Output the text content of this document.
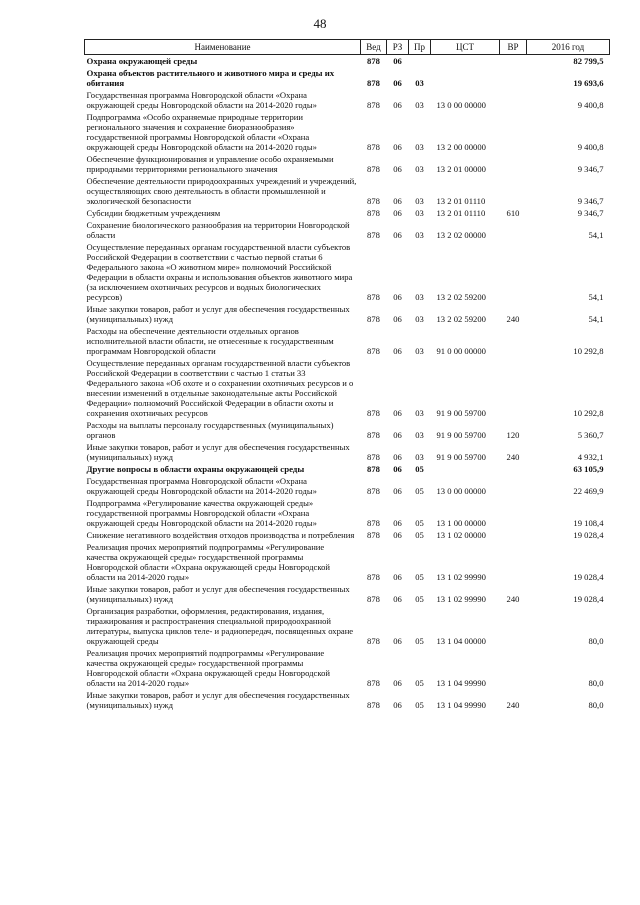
48
Наименование	Вед	РЗ	Пр	ЦСТ	ВР	2016 год
Охрана окружающей среды	878	06				82 799,5
Охрана объектов растительного и животного мира и среды их обитания	878	06	03			19 693,6
Государственная программа Новгородской области «Охрана окружающей среды Новгородской области на 2014-2020 годы»	878	06	03	13 0 00 00000		9 400,8
Подпрограмма «Особо охраняемые природные территории регионального значения и сохранение биоразнообразия» государственной программы Новгородской области «Охрана окружающей среды Новгородской области на 2014-2020 годы»	878	06	03	13 2 00 00000		9 400,8
Обеспечение функционирования и управление особо охраняемыми природными территориями регионального значения	878	06	03	13 2 01 00000		9 346,7
Обеспечение деятельности природоохранных учреждений и учреждений, осуществляющих свою деятельность в области промышленной и экологической безопасности	878	06	03	13 2 01 01110		9 346,7
Субсидии бюджетным учреждениям	878	06	03	13 2 01 01110	610	9 346,7
Сохранение биологического разнообразия на территории Новгородской области	878	06	03	13 2 02 00000		54,1
Осуществление переданных органам государственной власти субъектов Российской Федерации в соответствии с частью первой статьи 6 Федерального закона «О животном мире» полномочий Российской Федерации в области охраны и использования объектов животного мира (за исключением охотничьих ресурсов и водных биологических ресурсов)	878	06	03	13 2 02 59200		54,1
Иные закупки товаров, работ и услуг для обеспечения государственных (муниципальных) нужд	878	06	03	13 2 02 59200	240	54,1
Расходы на обеспечение деятельности отдельных органов исполнительной власти области, не отнесенные к государственным программам Новгородской области	878	06	03	91 0 00 00000		10 292,8
Осуществление переданных органам государственной власти субъектов Российской Федерации в соответствии с частью 1 статьи 33 Федерального закона «Об охоте и о сохранении охотничьих ресурсов и о внесении изменений в отдельные законодательные акты Российской Федерации» полномочий Российской Федерации в области охоты и сохранения охотничьих ресурсов	878	06	03	91 9 00 59700		10 292,8
Расходы на выплаты персоналу государственных (муниципальных) органов	878	06	03	91 9 00 59700	120	5 360,7
Иные закупки товаров, работ и услуг для обеспечения государственных (муниципальных) нужд	878	06	03	91 9 00 59700	240	4 932,1
Другие вопросы в области охраны окружающей среды	878	06	05			63 105,9
Государственная программа Новгородской области «Охрана окружающей среды Новгородской области на 2014-2020 годы»	878	06	05	13 0 00 00000		22 469,9
Подпрограмма «Регулирование качества окружающей среды» государственной программы Новгородской области «Охрана окружающей среды Новгородской области на 2014-2020 годы»	878	06	05	13 1 00 00000		19 108,4
Снижение негативного воздействия отходов производства и потребления	878	06	05	13 1 02 00000		19 028,4
Реализация прочих мероприятий подпрограммы «Регулирование качества окружающей среды» государственной программы Новгородской области «Охрана окружающей среды Новгородской области на 2014-2020 годы»	878	06	05	13 1 02 99990		19 028,4
Иные закупки товаров, работ и услуг для обеспечения государственных (муниципальных) нужд	878	06	05	13 1 02 99990	240	19 028,4
Организация разработки, оформления, редактирования, издания, тиражирования и распространения специальной природоохранной литературы, выпуска циклов теле- и радиопередач, посвященных охране окружающей среды	878	06	05	13 1 04 00000		80,0
Реализация прочих мероприятий подпрограммы «Регулирование качества окружающей среды» государственной программы Новгородской области «Охрана окружающей среды Новгородской области на 2014-2020 годы»	878	06	05	13 1 04 99990		80,0
Иные закупки товаров, работ и услуг для обеспечения государственных (муниципальных) нужд	878	06	05	13 1 04 99990	240	80,0
